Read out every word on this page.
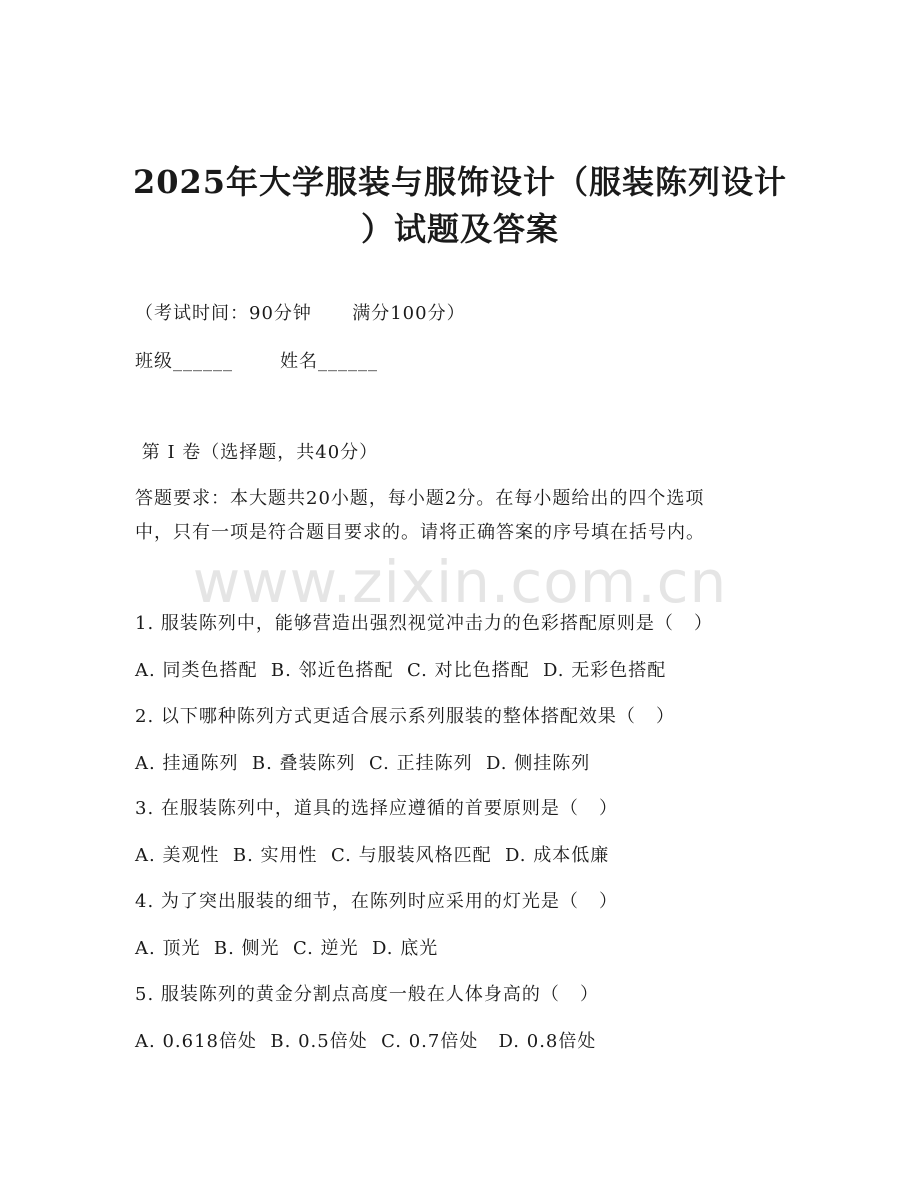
2025年大学服装与服饰设计（服装陈列设计
）试题及答案

（考试时间：90分钟      满分100分）

班级______       姓名______

第 I 卷（选择题，共40分）

答题要求：本大题共20小题，每小题2分。在每小题给出的四个选项

中，只有一项是符合题目要求的。请将正确答案的序号填在括号内。

www.zixin.com.cn

1. 服装陈列中，能够营造出强烈视觉冲击力的色彩搭配原则是（   ）

A. 同类色搭配  B. 邻近色搭配  C. 对比色搭配  D. 无彩色搭配

2. 以下哪种陈列方式更适合展示系列服装的整体搭配效果（   ）

A. 挂通陈列  B. 叠装陈列  C. 正挂陈列  D. 侧挂陈列

3. 在服装陈列中，道具的选择应遵循的首要原则是（   ）

A. 美观性  B. 实用性  C. 与服装风格匹配  D. 成本低廉

4. 为了突出服装的细节，在陈列时应采用的灯光是（   ）

A. 顶光  B. 侧光  C. 逆光  D. 底光

5. 服装陈列的黄金分割点高度一般在人体身高的（   ）

A. 0.618倍处  B. 0.5倍处  C. 0.7倍处   D. 0.8倍处
